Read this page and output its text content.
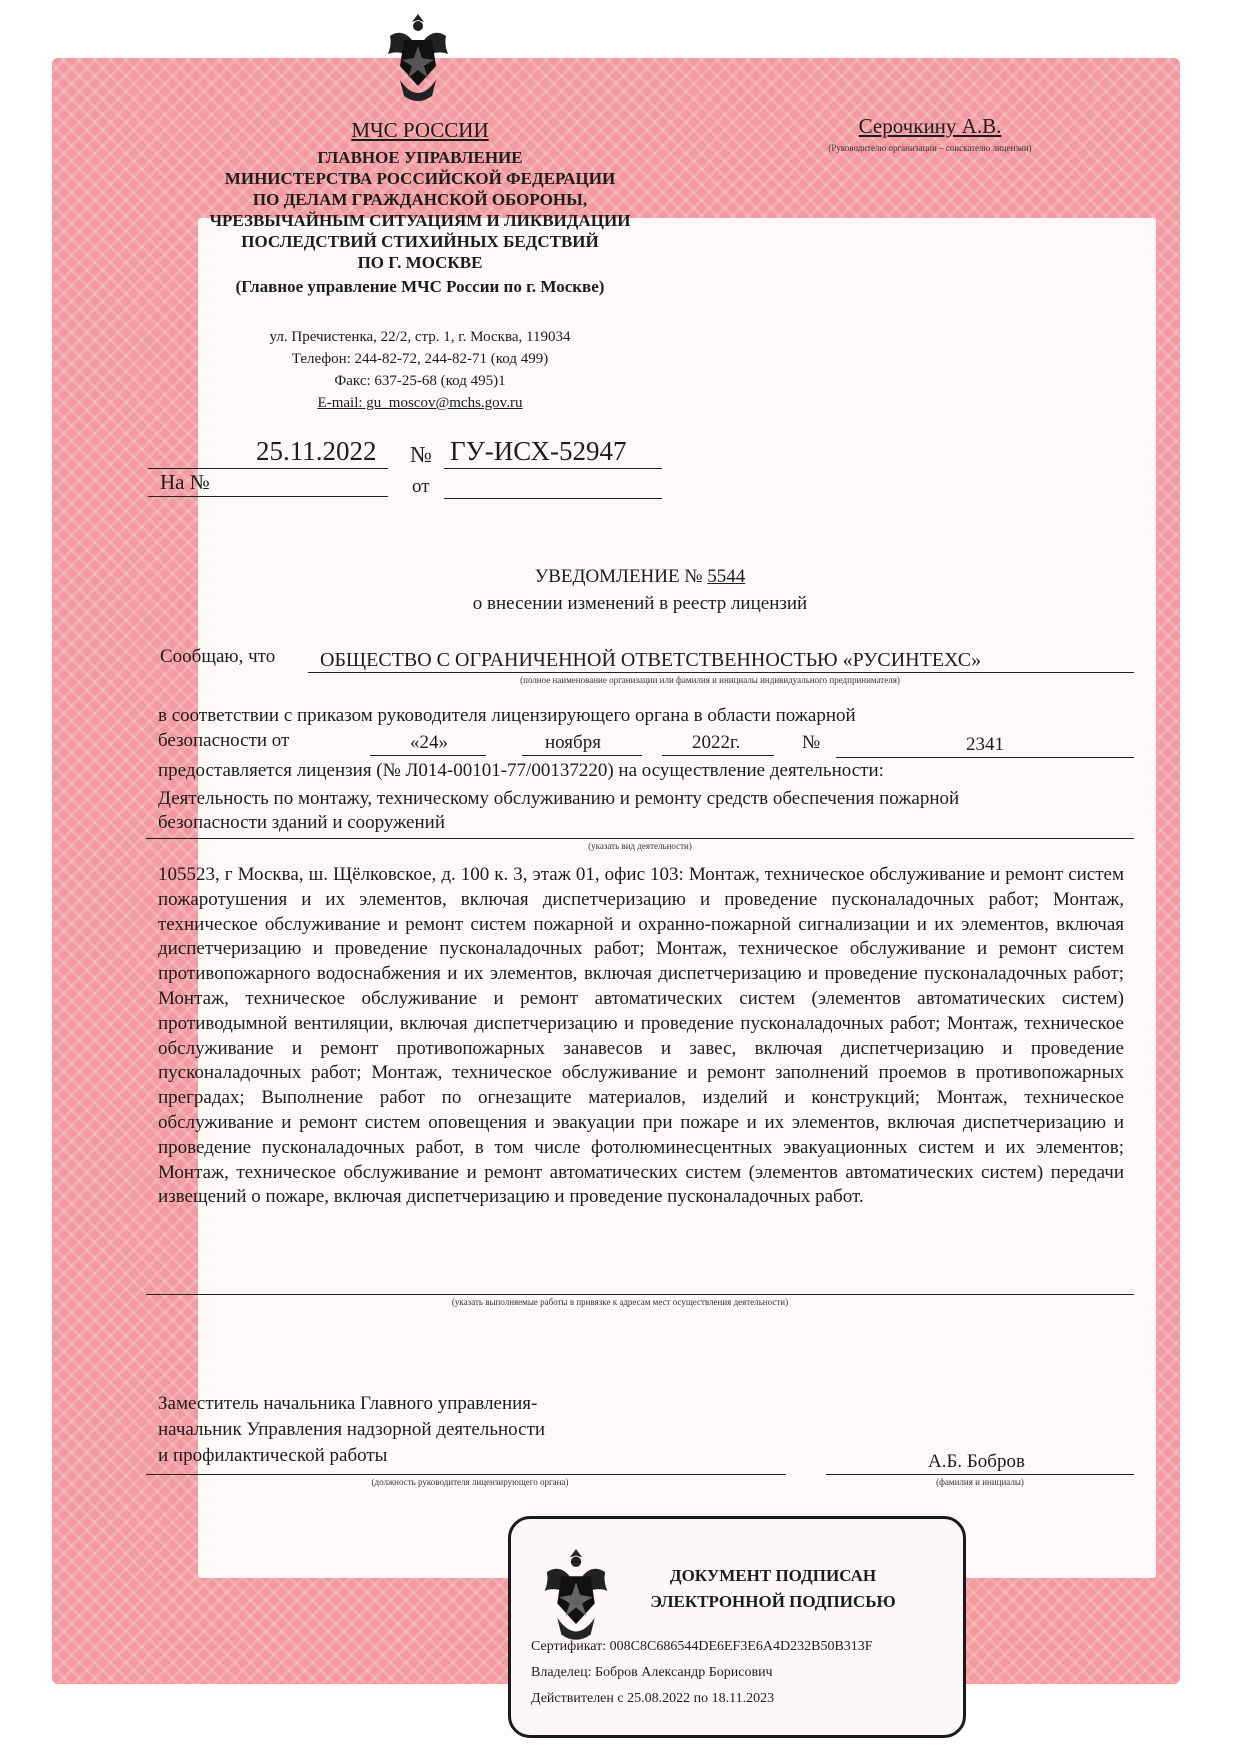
МЧС РОССИИ
ГЛАВНОЕ УПРАВЛЕНИЕ
МИНИСТЕРСТВА РОССИЙСКОЙ ФЕДЕРАЦИИ
ПО ДЕЛАМ ГРАЖДАНСКОЙ ОБОРОНЫ,
ЧРЕЗВЫЧАЙНЫМ СИТУАЦИЯМ И ЛИКВИДАЦИИ
ПОСЛЕДСТВИЙ СТИХИЙНЫХ БЕДСТВИЙ
ПО Г. МОСКВЕ
(Главное управление МЧС России по г. Москве)
ул. Пречистенка, 22/2, стр. 1, г. Москва, 119034
Телефон: 244-82-72, 244-82-71 (код 499)
Факс: 637-25-68 (код 495)1
E-mail: gu_moscov@mchs.gov.ru
Серочкину А.В.
(Руководителю организации – соискателю лицензии)
25.11.2022 № ГУ-ИСХ-52947
На №	от
УВЕДОМЛЕНИЕ № 5544
о внесении изменений в реестр лицензий
Сообщаю, что ОБЩЕСТВО С ОГРАНИЧЕННОЙ ОТВЕТСТВЕННОСТЬЮ «РУСИНТЕХС»
(полное наименование организации или фамилия и инициалы индивидуального предпринимателя)
в соответствии с приказом руководителя лицензирующего органа в области пожарной
безопасности от	«24»	ноября	2022г.	№	2341
предоставляется лицензия (№ Л014-00101-77/00137220) на осуществление деятельности:
Деятельность по монтажу, техническому обслуживанию и ремонту средств обеспечения пожарной
безопасности зданий и сооружений
(указать вид деятельности)
105523, г Москва, ш. Щёлковское, д. 100 к. 3, этаж 01, офис 103: Монтаж, техническое обслуживание и ремонт систем пожаротушения и их элементов, включая диспетчеризацию и проведение пусконаладочных работ; Монтаж, техническое обслуживание и ремонт систем пожарной и охранно-пожарной сигнализации и их элементов, включая диспетчеризацию и проведение пусконаладочных работ; Монтаж, техническое обслуживание и ремонт систем противопожарного водоснабжения и их элементов, включая диспетчеризацию и проведение пусконаладочных работ; Монтаж, техническое обслуживание и ремонт автоматических систем (элементов автоматических систем) противодымной вентиляции, включая диспетчеризацию и проведение пусконаладочных работ; Монтаж, техническое обслуживание и ремонт противопожарных занавесов и завес, включая диспетчеризацию и проведение пусконаладочных работ; Монтаж, техническое обслуживание и ремонт заполнений проемов в противопожарных преградах; Выполнение работ по огнезащите материалов, изделий и конструкций; Монтаж, техническое обслуживание и ремонт систем оповещения и эвакуации при пожаре и их элементов, включая диспетчеризацию и проведение пусконаладочных работ, в том числе фотолюминесцентных эвакуационных систем и их элементов; Монтаж, техническое обслуживание и ремонт автоматических систем (элементов автоматических систем) передачи извещений о пожаре, включая диспетчеризацию и проведение пусконаладочных работ.
(указать выполняемые работы в привязке к адресам мест осуществления деятельности)
Заместитель начальника Главного управления-
начальник Управления надзорной деятельности
и профилактической работы
(должность руководителя лицензирующего органа)
А.Б. Бобров
(фамилия и инициалы)
ДОКУМЕНТ ПОДПИСАН
ЭЛЕКТРОННОЙ ПОДПИСЬЮ
Сертификат: 008C8C686544DE6EF3E6A4D232B50B313F
Владелец: Бобров Александр Борисович
Действителен с 25.08.2022 по 18.11.2023
